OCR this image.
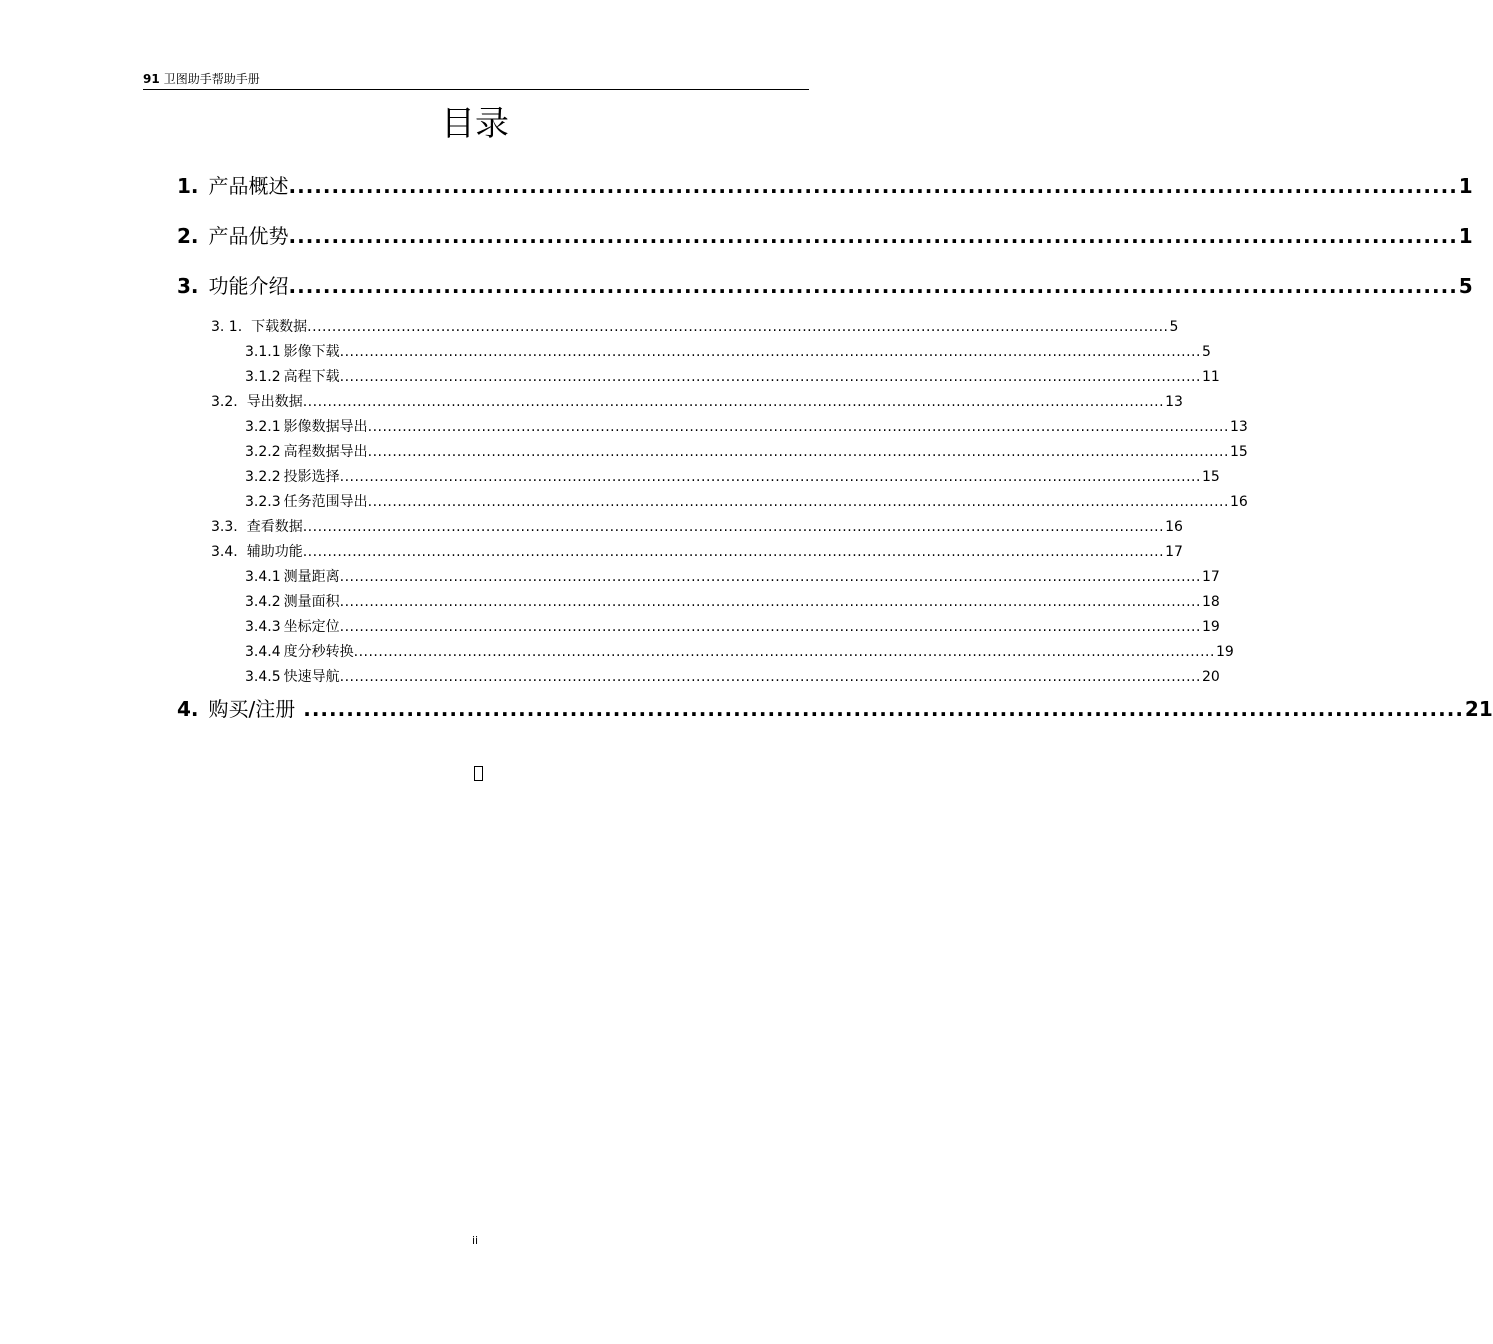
91 卫图助手帮助手册
目录
1. 产品概述 ........................................................................................................................................ 1
2. 产品优势 ........................................................................................................................................ 1
3. 功能介绍 ........................................................................................................................................ 5
3. 1. 下载数据 .............................................................................................................................................................................. 5
3.1.1 影像下载 .............................................................................................................................................................................. 5
3.1.2 高程下载 .............................................................................................................................................................................. 11
3.2. 导出数据 .............................................................................................................................................................................. 13
3.2.1 影像数据导出 .............................................................................................................................................................................. 13
3.2.2 高程数据导出 .............................................................................................................................................................................. 15
3.2.2 投影选择 .............................................................................................................................................................................. 15
3.2.3 任务范围导出 .............................................................................................................................................................................. 16
3.3. 查看数据 .............................................................................................................................................................................. 16
3.4. 辅助功能 .............................................................................................................................................................................. 17
3.4.1 测量距离 .............................................................................................................................................................................. 17
3.4.2 测量面积 .............................................................................................................................................................................. 18
3.4.3 坐标定位 .............................................................................................................................................................................. 19
3.4.4 度分秒转换 .............................................................................................................................................................................. 19
3.4.5 快速导航 .............................................................................................................................................................................. 20
4. 购买/注册 ....................................................................................................................................... 21
ii
